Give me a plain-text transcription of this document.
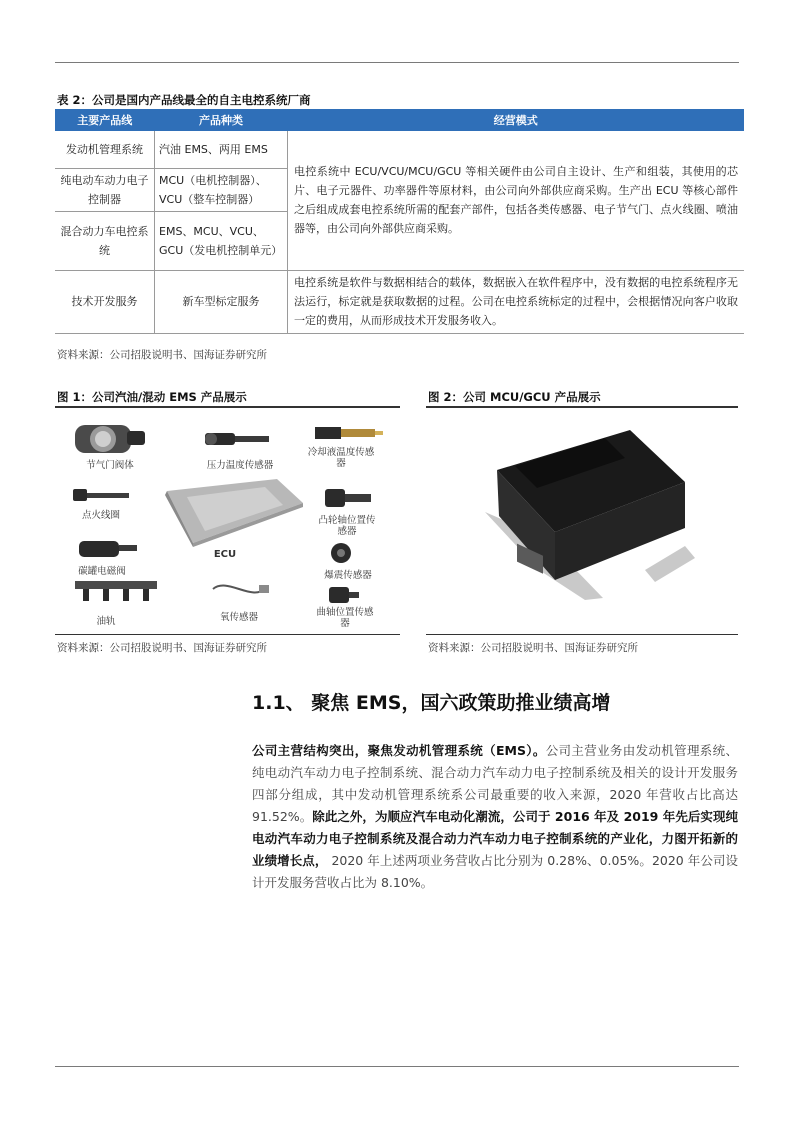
表 2：公司是国内产品线最全的自主电控系统厂商
主要产品线	产品种类	经营模式
发动机管理系统	汽油 EMS、两用 EMS	电控系统中 ECU/VCU/MCU/GCU 等相关硬件由公司自主设计、生产和组装，其使用的芯片、电子元器件、功率器件等原材料，由公司向外部供应商采购。生产出 ECU 等核心部件之后组成成套电控系统所需的配套产部件，包括各类传感器、电子节气门、点火线圈、喷油器等，由公司向外部供应商采购。
纯电动车动力电子控制器	MCU（电机控制器）、VCU（整车控制器）	
混合动力车电控系统	EMS、MCU、VCU、GCU（发电机控制单元）	
技术开发服务	新车型标定服务	电控系统是软件与数据相结合的载体，数据嵌入在软件程序中，没有数据的电控系统程序无法运行，标定就是获取数据的过程。公司在电控系统标定的过程中，会根据情况向客户收取一定的费用，从而形成技术开发服务收入。
资料来源：公司招股说明书、国海证券研究所
图 1：公司汽油/混动 EMS 产品展示
节气门阀体	压力温度传感器
冷却液温度传感器
点火线圈
ECU
凸轮轴位置传感器
碳罐电磁阀	爆震传感器
油轨	氧传感器	曲轴位置传感器
资料来源：公司招股说明书、国海证券研究所
图 2：公司 MCU/GCU 产品展示
资料来源：公司招股说明书、国海证券研究所
1.1、 聚焦 EMS，国六政策助推业绩高增
公司主营结构突出，聚焦发动机管理系统（EMS）。公司主营业务由发动机管理系统、纯电动汽车动力电子控制系统、混合动力汽车动力电子控制系统及相关的设计开发服务四部分组成，其中发动机管理系统系公司最重要的收入来源，2020 年营收占比高达 91.52%。除此之外，为顺应汽车电动化潮流，公司于 2016 年及 2019 年先后实现纯电动汽车动力电子控制系统及混合动力汽车动力电子控制系统的产业化，力图开拓新的业绩增长点， 2020 年上述两项业务营收占比分别为 0.28%、0.05%。2020 年公司设计开发服务营收占比为 8.10%。
